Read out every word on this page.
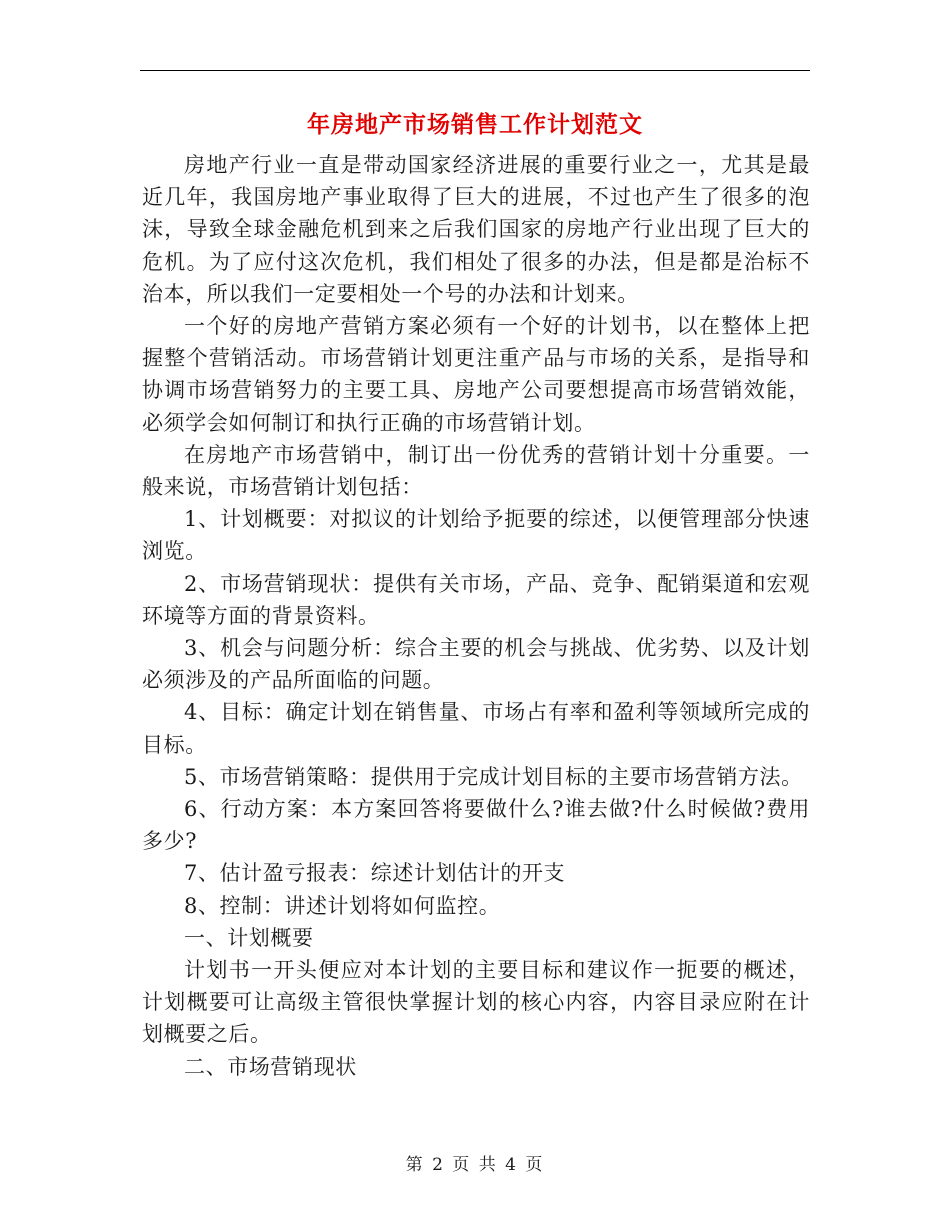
年房地产市场销售工作计划范文

房地产行业一直是带动国家经济进展的重要行业之一，尤其是最近几年，我国房地产事业取得了巨大的进展，不过也产生了很多的泡沫，导致全球金融危机到来之后我们国家的房地产行业出现了巨大的危机。为了应付这次危机，我们相处了很多的办法，但是都是治标不治本，所以我们一定要相处一个号的办法和计划来。

一个好的房地产营销方案必须有一个好的计划书，以在整体上把握整个营销活动。市场营销计划更注重产品与市场的关系，是指导和协调市场营销努力的主要工具、房地产公司要想提高市场营销效能，必须学会如何制订和执行正确的市场营销计划。

在房地产市场营销中，制订出一份优秀的营销计划十分重要。一般来说，市场营销计划包括：

1、计划概要：对拟议的计划给予扼要的综述，以便管理部分快速浏览。

2、市场营销现状：提供有关市场，产品、竞争、配销渠道和宏观环境等方面的背景资料。

3、机会与问题分析：综合主要的机会与挑战、优劣势、以及计划必须涉及的产品所面临的问题。

4、目标：确定计划在销售量、市场占有率和盈利等领域所完成的目标。

5、市场营销策略：提供用于完成计划目标的主要市场营销方法。

6、行动方案：本方案回答将要做什么?谁去做?什么时候做?费用多少?

7、估计盈亏报表：综述计划估计的开支

8、控制：讲述计划将如何监控。

一、计划概要

计划书一开头便应对本计划的主要目标和建议作一扼要的概述，计划概要可让高级主管很快掌握计划的核心内容，内容目录应附在计划概要之后。

二、市场营销现状

第 2 页 共 4 页
